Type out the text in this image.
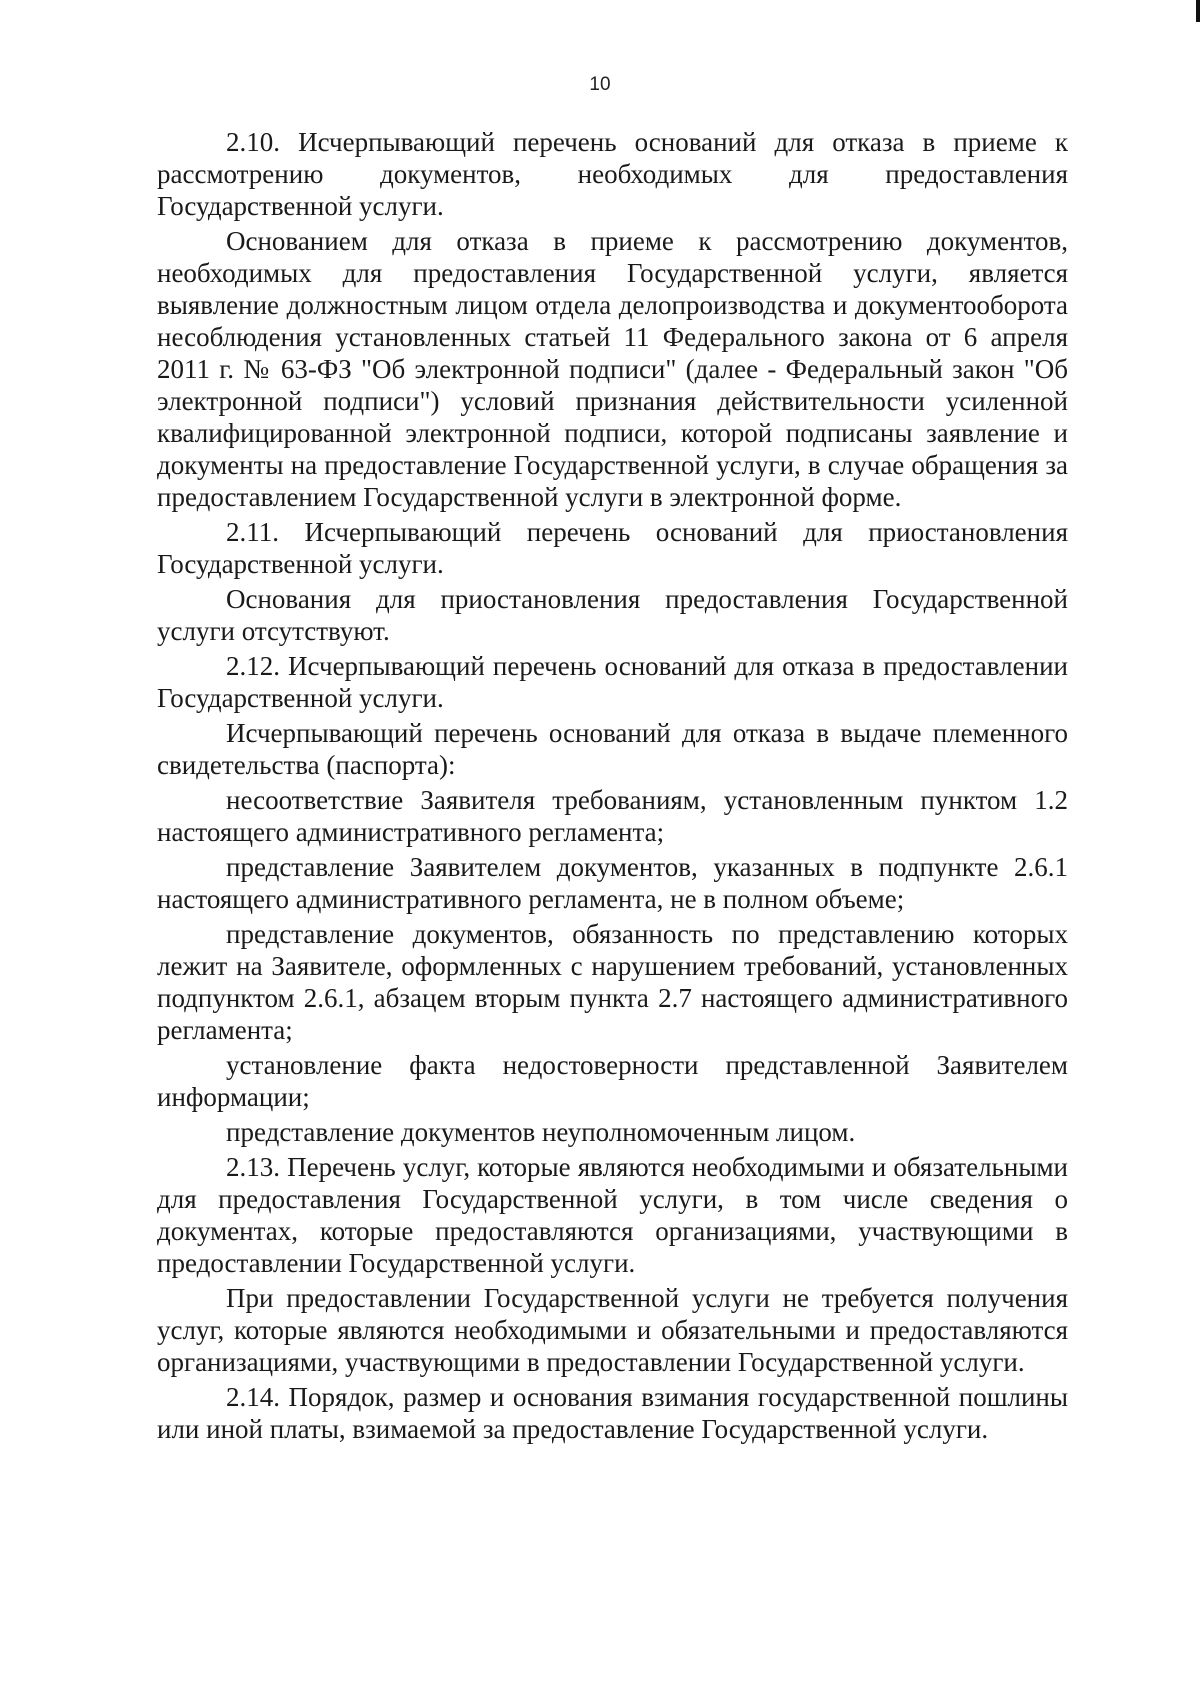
10

2.10. Исчерпывающий перечень оснований для отказа в приеме к рассмотрению документов, необходимых для предоставления Государственной услуги.

Основанием для отказа в приеме к рассмотрению документов, необходимых для предоставления Государственной услуги, является выявление должностным лицом отдела делопроизводства и документооборота несоблюдения установленных статьей 11 Федерального закона от 6 апреля 2011 г. № 63-ФЗ "Об электронной подписи" (далее - Федеральный закон "Об электронной подписи") условий признания действительности усиленной квалифицированной электронной подписи, которой подписаны заявление и документы на предоставление Государственной услуги, в случае обращения за предоставлением Государственной услуги в электронной форме.

2.11. Исчерпывающий перечень оснований для приостановления Государственной услуги.

Основания для приостановления предоставления Государственной услуги отсутствуют.

2.12. Исчерпывающий перечень оснований для отказа в предоставлении Государственной услуги.

Исчерпывающий перечень оснований для отказа в выдаче племенного свидетельства (паспорта):

несоответствие Заявителя требованиям, установленным пунктом 1.2 настоящего административного регламента;

представление Заявителем документов, указанных в подпункте 2.6.1 настоящего административного регламента, не в полном объеме;

представление документов, обязанность по представлению которых лежит на Заявителе, оформленных с нарушением требований, установленных подпунктом 2.6.1, абзацем вторым пункта 2.7 настоящего административного регламента;

установление факта недостоверности представленной Заявителем информации;

представление документов неуполномоченным лицом.

2.13. Перечень услуг, которые являются необходимыми и обязательными для предоставления Государственной услуги, в том числе сведения о документах, которые предоставляются организациями, участвующими в предоставлении Государственной услуги.

При предоставлении Государственной услуги не требуется получения услуг, которые являются необходимыми и обязательными и предоставляются организациями, участвующими в предоставлении Государственной услуги.

2.14. Порядок, размер и основания взимания государственной пошлины или иной платы, взимаемой за предоставление Государственной услуги.
